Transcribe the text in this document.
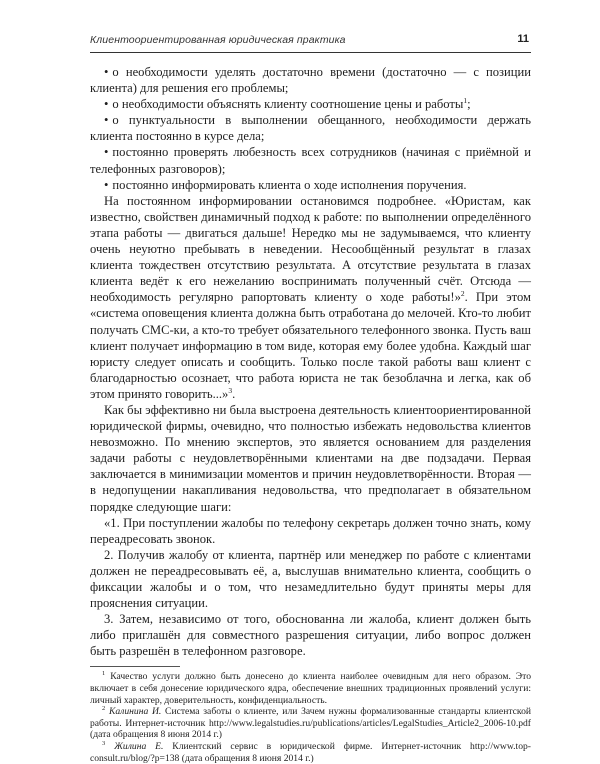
Клиентоориентированная юридическая практика	11

• о необходимости уделять достаточно времени (достаточно — с позиции клиента) для решения его проблемы;

• о необходимости объяснять клиенту соотношение цены и работы$^1$;

• о пунктуальности в выполнении обещанного, необходимости держать клиента постоянно в курсе дела;

• постоянно проверять любезность всех сотрудников (начиная с приёмной и телефонных разговоров);

• постоянно информировать клиента о ходе исполнения поручения.

На постоянном информировании остановимся подробнее. «Юристам, как известно, свойствен динамичный подход к работе: по выполнении определённого этапа работы — двигаться дальше! Нередко мы не задумываемся, что клиенту очень неуютно пребывать в неведении. Несообщённый результат в глазах клиента тождествен отсутствию результата. А отсутствие результата в глазах клиента ведёт к его нежеланию воспринимать полученный счёт. Отсюда — необходимость регулярно рапортовать клиенту о ходе работы!»$^2$. При этом «система оповещения клиента должна быть отработана до мелочей. Кто-то любит получать СМС-ки, а кто-то требует обязательного телефонного звонка. Пусть ваш клиент получает информацию в том виде, которая ему более удобна. Каждый шаг юристу следует описать и сообщить. Только после такой работы ваш клиент с благодарностью осознает, что работа юриста не так безоблачна и легка, как об этом принято говорить...»$^3$.

Как бы эффективно ни была выстроена деятельность клиентоориентированной юридической фирмы, очевидно, что полностью избежать недовольства клиентов невозможно. По мнению экспертов, это является основанием для разделения задачи работы с неудовлетворёнными клиентами на две подзадачи. Первая заключается в минимизации моментов и причин неудовлетворённости. Вторая — в недопущении накапливания недовольства, что предполагает в обязательном порядке следующие шаги:

«1. При поступлении жалобы по телефону секретарь должен точно знать, кому переадресовать звонок.

2. Получив жалобу от клиента, партнёр или менеджер по работе с клиентами должен не переадресовывать её, а, выслушав внимательно клиента, сообщить о фиксации жалобы и о том, что незамедлительно будут приняты меры для прояснения ситуации.

3. Затем, независимо от того, обоснованна ли жалоба, клиент должен быть либо приглашён для совместного разрешения ситуации, либо вопрос должен быть разрешён в телефонном разговоре.

$^1$ Качество услуги должно быть донесено до клиента наиболее очевидным для него образом. Это включает в себя донесение юридического ядра, обеспечение внешних традиционных проявлений услуги: личный характер, доверительность, конфиденциальность.

$^2$ Калинина И. Система заботы о клиенте, или Зачем нужны формализованные стандарты клиентской работы. Интернет-источник http://www.legalstudies.ru/publications/articles/LegalStudies_Article2_2006-10.pdf (дата обращения 8 июня 2014 г.)

$^3$ Жилина Е. Клиентский сервис в юридической фирме. Интернет-источник http://www.top-consult.ru/blog/?p=138 (дата обращения 8 июня 2014 г.)
